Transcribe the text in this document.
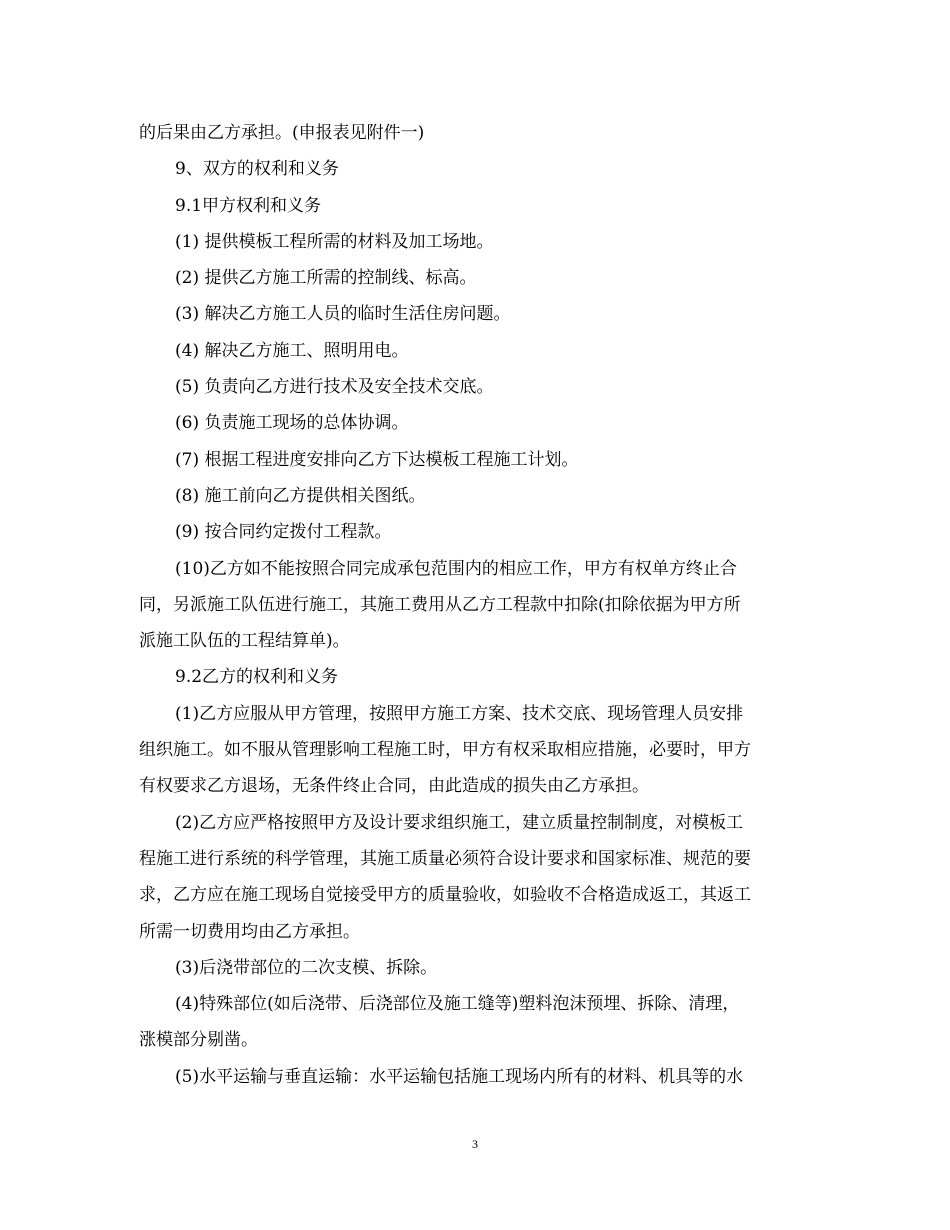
的后果由乙方承担。(申报表见附件一)
9、双方的权利和义务
9.1甲方权利和义务
(1) 提供模板工程所需的材料及加工场地。
(2) 提供乙方施工所需的控制线、标高。
(3) 解决乙方施工人员的临时生活住房问题。
(4) 解决乙方施工、照明用电。
(5) 负责向乙方进行技术及安全技术交底。
(6) 负责施工现场的总体协调。
(7) 根据工程进度安排向乙方下达模板工程施工计划。
(8) 施工前向乙方提供相关图纸。
(9) 按合同约定拨付工程款。
(10)乙方如不能按照合同完成承包范围内的相应工作，甲方有权单方终止合
同，另派施工队伍进行施工，其施工费用从乙方工程款中扣除(扣除依据为甲方所
派施工队伍的工程结算单)。
9.2乙方的权利和义务
(1)乙方应服从甲方管理，按照甲方施工方案、技术交底、现场管理人员安排
组织施工。如不服从管理影响工程施工时，甲方有权采取相应措施，必要时，甲方
有权要求乙方退场，无条件终止合同，由此造成的损失由乙方承担。
(2)乙方应严格按照甲方及设计要求组织施工，建立质量控制制度，对模板工
程施工进行系统的科学管理，其施工质量必须符合设计要求和国家标准、规范的要
求，乙方应在施工现场自觉接受甲方的质量验收，如验收不合格造成返工，其返工
所需一切费用均由乙方承担。
(3)后浇带部位的二次支模、拆除。
(4)特殊部位(如后浇带、后浇部位及施工缝等)塑料泡沫预埋、拆除、清理，
涨模部分剔凿。
(5)水平运输与垂直运输：水平运输包括施工现场内所有的材料、机具等的水
3
